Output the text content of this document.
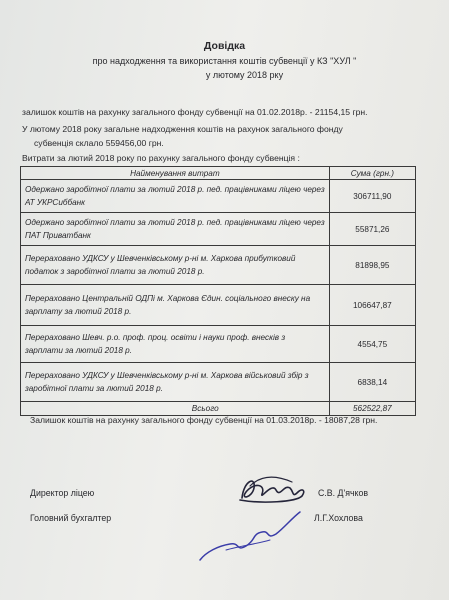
Довідка
про надходження та використання коштів субвенції у КЗ "ХУЛ "
у лютому 2018 рку
залишок коштів на рахунку загального фонду субвенції на 01.02.2018р. - 21154,15 грн.
У лютому 2018 року загальне надходження коштів на рахунок загального фонду
субвенція склало 559456,00 грн.
Витрати за лютий 2018 року по рахунку загального фонду субвенція :
Найменування витрат	Сума (грн.)
Одержано заробітної плати за лютий 2018 р. пед. працівниками ліцею через АТ УКРСиббанк	306711,90
Одержано заробітної плати за лютий 2018 р. пед. працівниками ліцею через ПАТ Приватбанк	55871,26
Перераховано УДКСУ у Шевченківському р-ні м. Харкова прибутковий податок з заробітної плати за лютий 2018 р.	81898,95
Перераховано Центральній ОДПі м. Харкова Єдин. соціального внеску на зарплату за лютий 2018 р.	106647,87
Перераховано Шевч. р.о. проф. проц. освіти і науки проф. внесків з зарплати за лютий 2018 р.	4554,75
Перераховано УДКСУ у Шевченківському р-ні м. Харкова військовий збір з заробітної плати за лютий 2018 р.	6838,14
Всього	562522,87
Залишок коштів на рахунку загального фонду субвенції на 01.03.2018р. - 18087,28 грн.
Директор ліцею	С.В. Д'ячков
Головний бухгалтер	Л.Г.Хохлова
